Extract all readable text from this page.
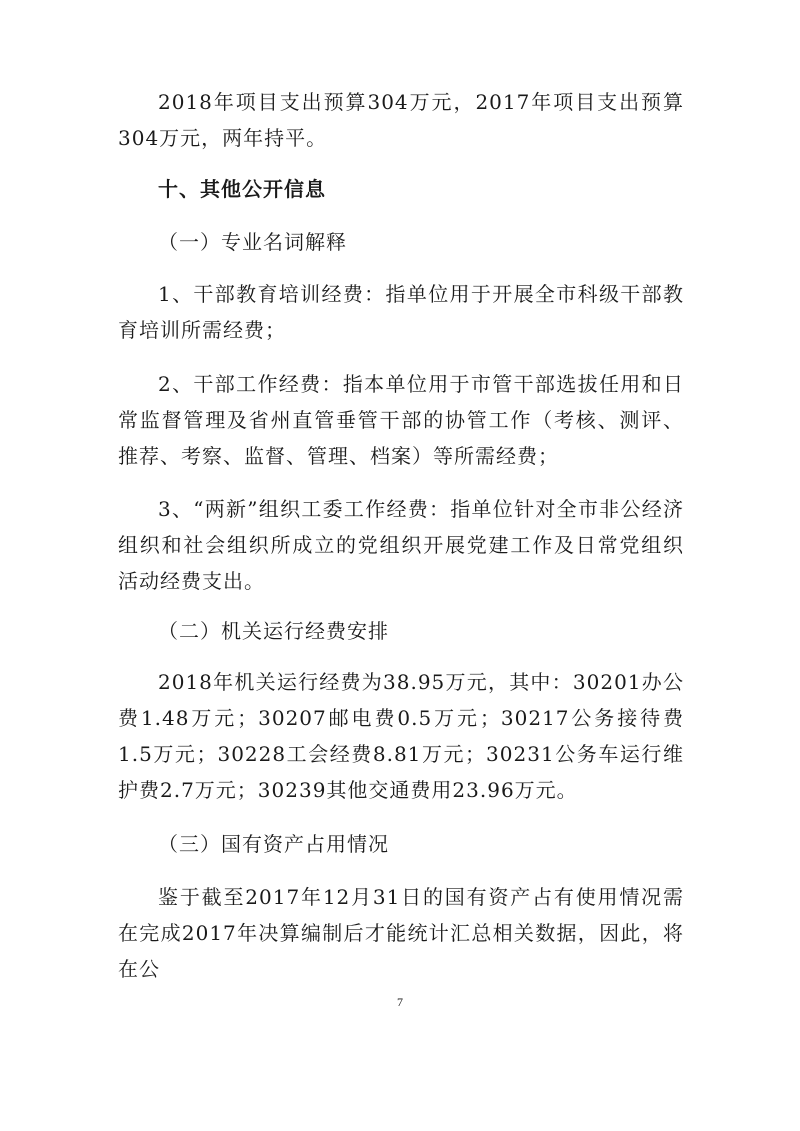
2018年项目支出预算304万元，2017年项目支出预算304万元，两年持平。

十、其他公开信息

（一）专业名词解释

1、干部教育培训经费：指单位用于开展全市科级干部教育培训所需经费；

2、干部工作经费：指本单位用于市管干部选拔任用和日常监督管理及省州直管垂管干部的协管工作（考核、测评、推荐、考察、监督、管理、档案）等所需经费；

3、“两新”组织工委工作经费：指单位针对全市非公经济组织和社会组织所成立的党组织开展党建工作及日常党组织活动经费支出。

（二）机关运行经费安排

2018年机关运行经费为38.95万元，其中：30201办公费1.48万元；30207邮电费0.5万元；30217公务接待费1.5万元；30228工会经费8.81万元；30231公务车运行维护费2.7万元；30239其他交通费用23.96万元。

（三）国有资产占用情况

鉴于截至2017年12月31日的国有资产占有使用情况需在完成2017年决算编制后才能统计汇总相关数据，因此，将在公

7
